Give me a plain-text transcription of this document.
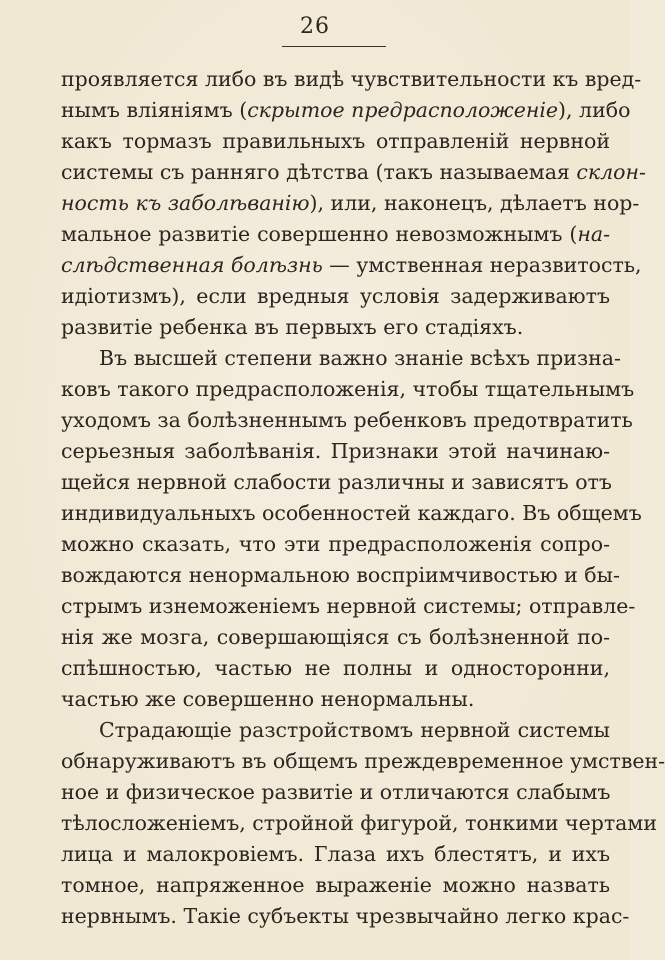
26
проявляется либо въ видѣ чувствительности къ вред-
нымъ вліяніямъ (скрытое предрасположеніе), либо
какъ тормазъ правильныхъ отправленій нервной
системы съ ранняго дѣтства (такъ называемая склон-
ность къ заболѣванію), или, наконецъ, дѣлаетъ нор-
мальное развитіе совершенно невозможнымъ (на-
слѣдственная болѣзнь — умственная неразвитость,
идіотизмъ), если вредныя условія задерживаютъ
развитіе ребенка въ первыхъ его стадіяхъ.
Въ высшей степени важно знаніе всѣхъ призна-
ковъ такого предрасположенія, чтобы тщательнымъ
уходомъ за болѣзненнымъ ребенковъ предотвратить
серьезныя заболѣванія. Признаки этой начинаю-
щейся нервной слабости различны и зависятъ отъ
индивидуальныхъ особенностей каждаго. Въ общемъ
можно сказать, что эти предрасположенія сопро-
вождаются ненормальною воспріимчивостью и бы-
стрымъ изнеможеніемъ нервной системы; отправле-
нія же мозга, совершающіяся съ болѣзненной по-
спѣшностью, частью не полны и односторонни,
частью же совершенно ненормальны.
Страдающіе разстройствомъ нервной системы
обнаруживаютъ въ общемъ преждевременное умствен-
ное и физическое развитіе и отличаются слабымъ
тѣлосложеніемъ, стройной фигурой, тонкими чертами
лица и малокровіемъ. Глаза ихъ блестятъ, и ихъ
томное, напряженное выраженіе можно назвать
нервнымъ. Такіе субъекты чрезвычайно легко крас-
